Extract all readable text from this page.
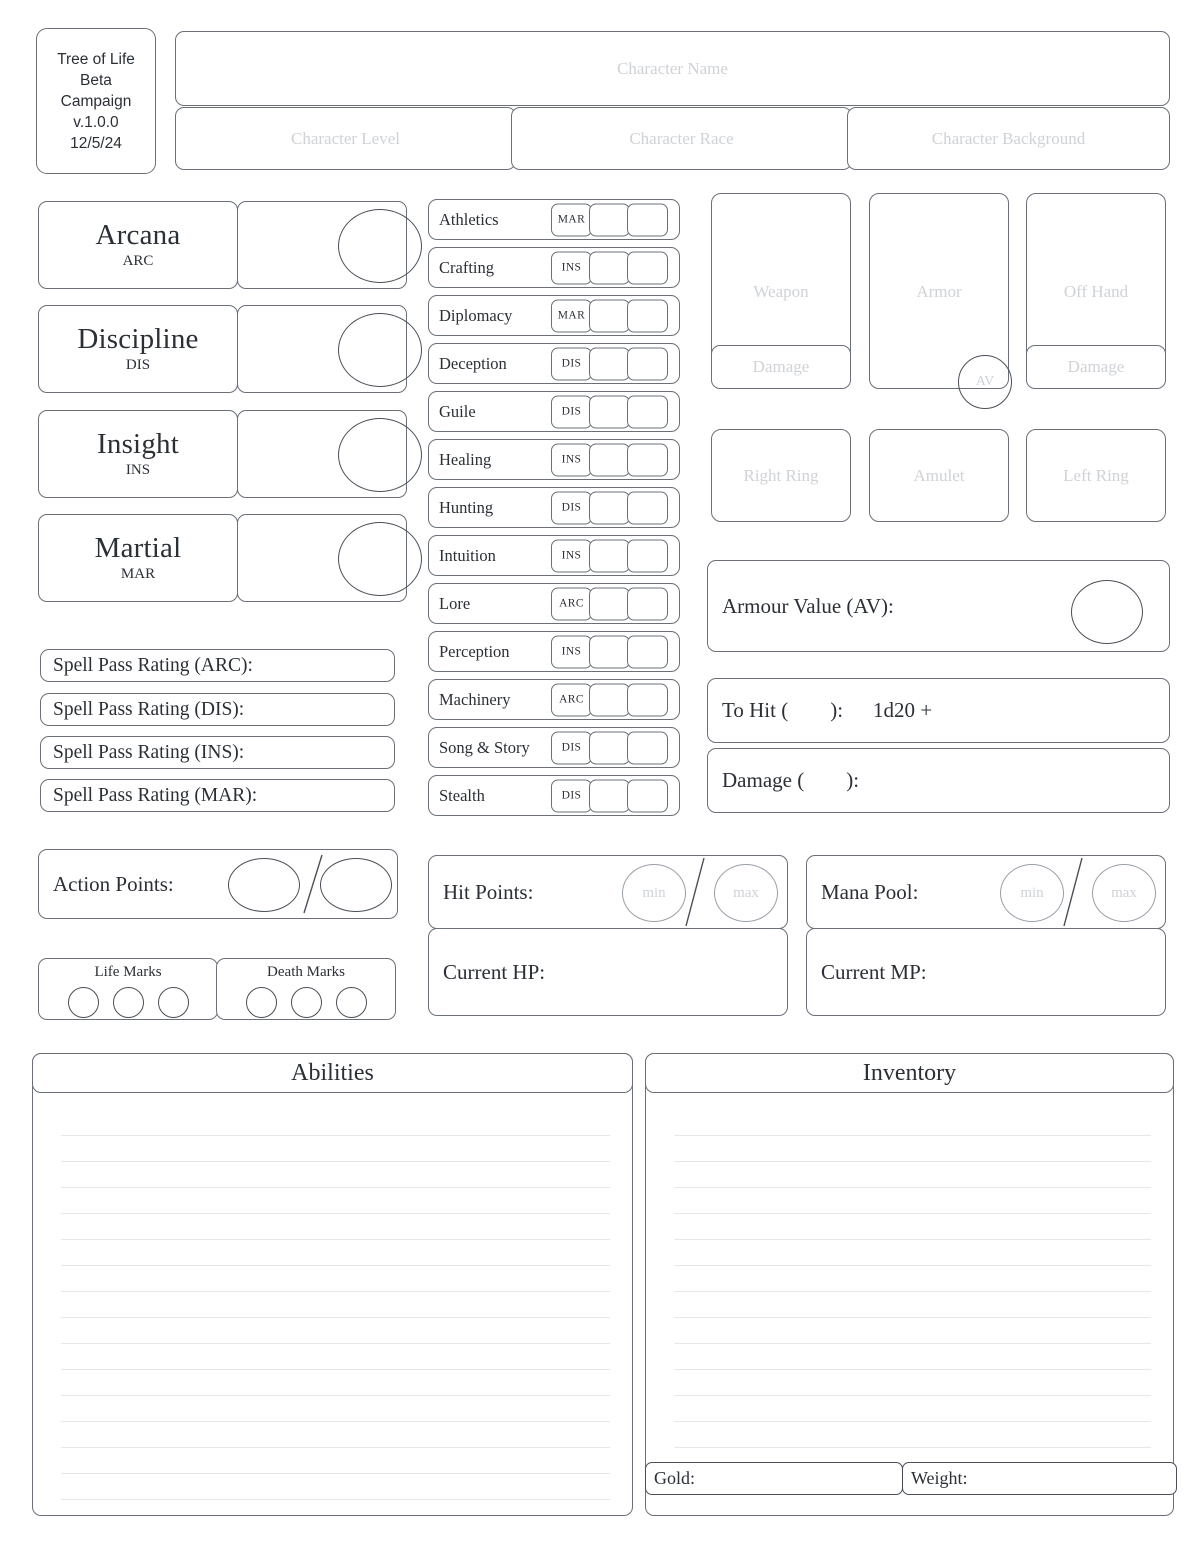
Tree of Life
Beta
Campaign
v.1.0.0
12/5/24
Character Name
Character Level	Character Race	Character Background
Arcana
ARC
Discipline
DIS
Insight
INS
Martial
MAR
Spell Pass Rating (ARC):
Spell Pass Rating (DIS):
Spell Pass Rating (INS):
Spell Pass Rating (MAR):
Athletics	MAR
Crafting	INS
Diplomacy	MAR
Deception	DIS
Guile	DIS
Healing	INS
Hunting	DIS
Intuition	INS
Lore	ARC
Perception	INS
Machinery	ARC
Song & Story	DIS
Stealth	DIS
Weapon
Damage
Armor
AV
Off Hand
Damage
Right Ring	Amulet	Left Ring
Armour Value (AV):
To Hit ( ): 1d20 +
Damage ( ):
Action Points:
Life Marks	Death Marks
Hit Points:	min	max
Current HP:
Mana Pool:	min	max
Current MP:
Abilities	Inventory
Gold:	Weight:
